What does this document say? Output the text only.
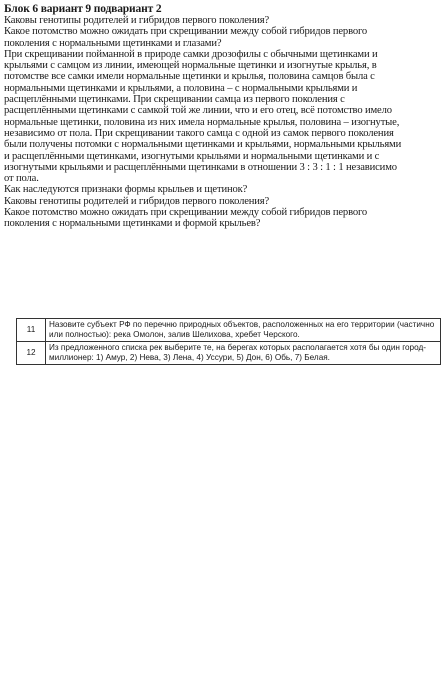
Блок 6 вариант 9 подвариант 2
Каковы генотипы родителей и гибридов первого поколения?
Какое потомство можно ожидать при скрещивании между собой гибридов первого
поколения с нормальными щетинками и глазами?
При скрещивании пойманной в природе самки дрозофилы с обычными щетинками и
крыльями с самцом из линии, имеющей нормальные щетинки и изогнутые крылья, в
потомстве все самки имели нормальные щетинки и крылья, половина самцов была с
нормальными щетинками и крыльями, а половина – с нормальными крыльями и
расщеплёнными щетинками. При скрещивании самца из первого поколения с
расщеплёнными щетинками с самкой той же линии, что и его отец, всё потомство имело
нормальные щетинки, половина из них имела нормальные крылья, половина – изогнутые,
независимо от пола. При скрещивании такого самца с одной из самок первого поколения
были получены потомки с нормальными щетинками и крыльями, нормальными крыльями
и расщеплёнными щетинками, изогнутыми крыльями и нормальными щетинками и с
изогнутыми крыльями и расщеплёнными щетинками в отношении 3 : 3 : 1 : 1 независимо
от пола.
Как наследуются признаки формы крыльев и щетинок?
Каковы генотипы родителей и гибридов первого поколения?
Какое потомство можно ожидать при скрещивании между собой гибридов первого
поколения с нормальными щетинками и формой крыльев?
11	Назовите субъект РФ по перечню природных объектов, расположенных на его территории (частично
или полностью): река Омолон, залив Шелихова, хребет Черского.

12	Из предложенного списка рек выберите те, на берегах которых располагается хотя бы один город-
миллионер: 1) Амур, 2) Нева, 3) Лена, 4) Уссури, 5) Дон, 6) Обь, 7) Белая.
